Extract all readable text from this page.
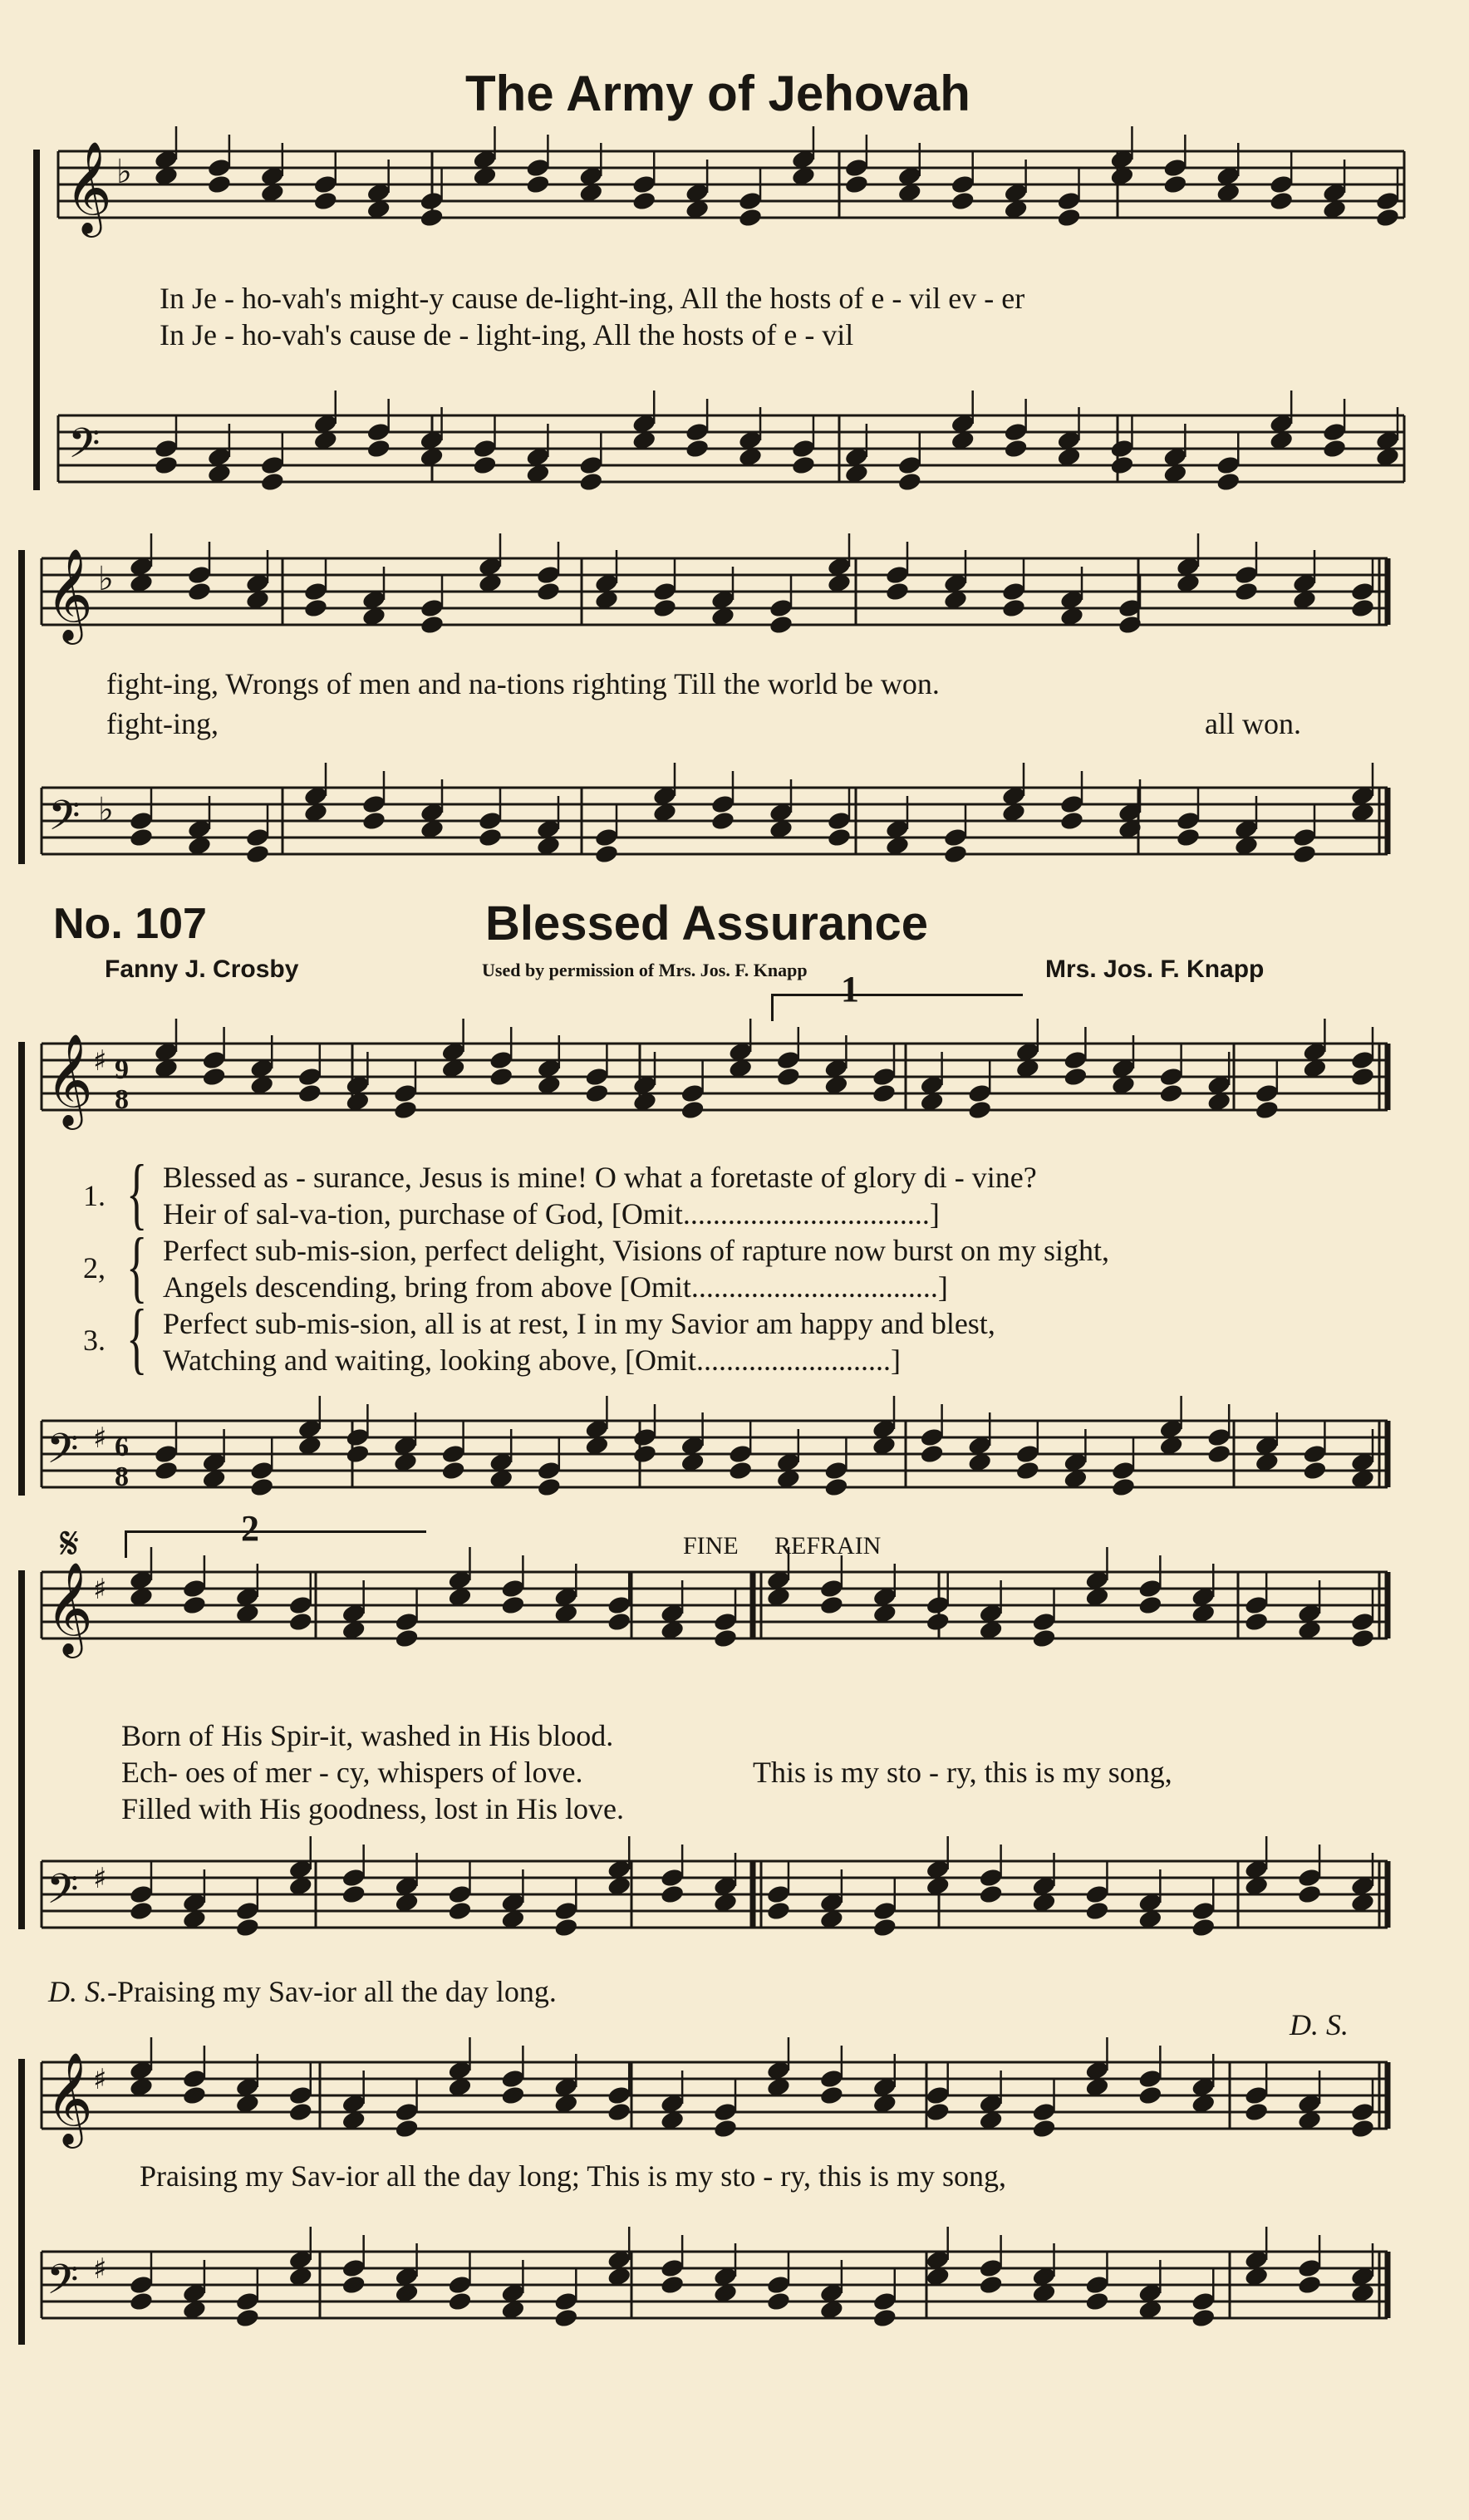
The Army of Jehovah
𝄞 ♭
In Je - ho-vah's might-y cause de-light-ing, All the hosts of e - vil ev - er
In Je - ho-vah's cause de - light-ing, All the hosts of e - vil
𝄢
𝄞 ♭
fight-ing, Wrongs of men and na-tions righting Till the world be won.
fight-ing,	all won.
𝄢 ♭
No. 107	Blessed Assurance
Fanny J. Crosby	Used by permission of Mrs. Jos. F. Knapp	Mrs. Jos. F. Knapp
1
𝄞 ♯ 9
8
1. { Blessed as - surance, Jesus is mine! O what a foretaste of glory di - vine?
Heir of sal-va-tion, purchase of God, [Omit.................................]
2, { Perfect sub-mis-sion, perfect delight, Visions of rapture now burst on my sight,
Angels descending, bring from above [Omit.................................]
3. { Perfect sub-mis-sion, all is at rest, I in my Savior am happy and blest,
Watching and waiting, looking above, [Omit..........................]
𝄢 ♯ 6
8
𝄋	2	FINE REFRAIN
𝄞 ♯
Born of His Spir-it, washed in His blood.
Ech- oes of mer - cy, whispers of love.	This is my sto - ry, this is my song,
Filled with His goodness, lost in His love.
𝄢 ♯
D. S.-Praising my Sav-ior all the day long.
D. S.
𝄞 ♯
Praising my Sav-ior all the day long; This is my sto - ry, this is my song,
𝄢 ♯
